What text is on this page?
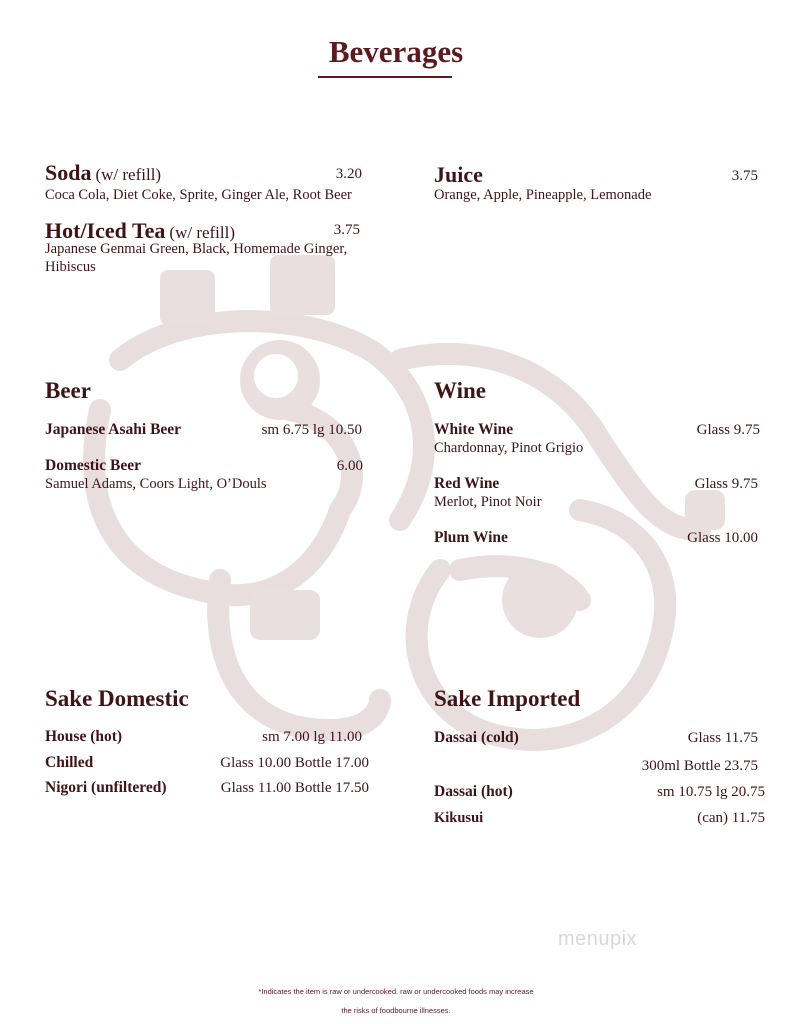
Beverages
Soda (w/ refill)	3.20
Coca Cola, Diet Coke, Sprite, Ginger Ale, Root Beer
Hot/Iced Tea (w/ refill)	3.75
Japanese Genmai Green, Black, Homemade Ginger,
Hibiscus
Juice	3.75
Orange, Apple, Pineapple, Lemonade
Beer
Japanese Asahi Beer	sm 6.75 lg 10.50
Domestic Beer	6.00
Samuel Adams, Coors Light, O’Douls
Wine
White Wine	Glass 9.75
Chardonnay, Pinot Grigio
Red Wine	Glass 9.75
Merlot, Pinot Noir
Plum Wine	Glass 10.00
Sake Domestic
House (hot)	sm 7.00 lg 11.00
Chilled	Glass 10.00 Bottle 17.00
Nigori (unfiltered)	Glass 11.00 Bottle 17.50
Sake Imported
Dassai (cold)	Glass 11.75
300ml Bottle 23.75
Dassai (hot)	sm 10.75 lg 20.75
Kikusui	(can) 11.75
menupix
*Indicates the item is raw or undercooked. raw or undercooked foods may increase
the risks of foodbourne illnesses.
